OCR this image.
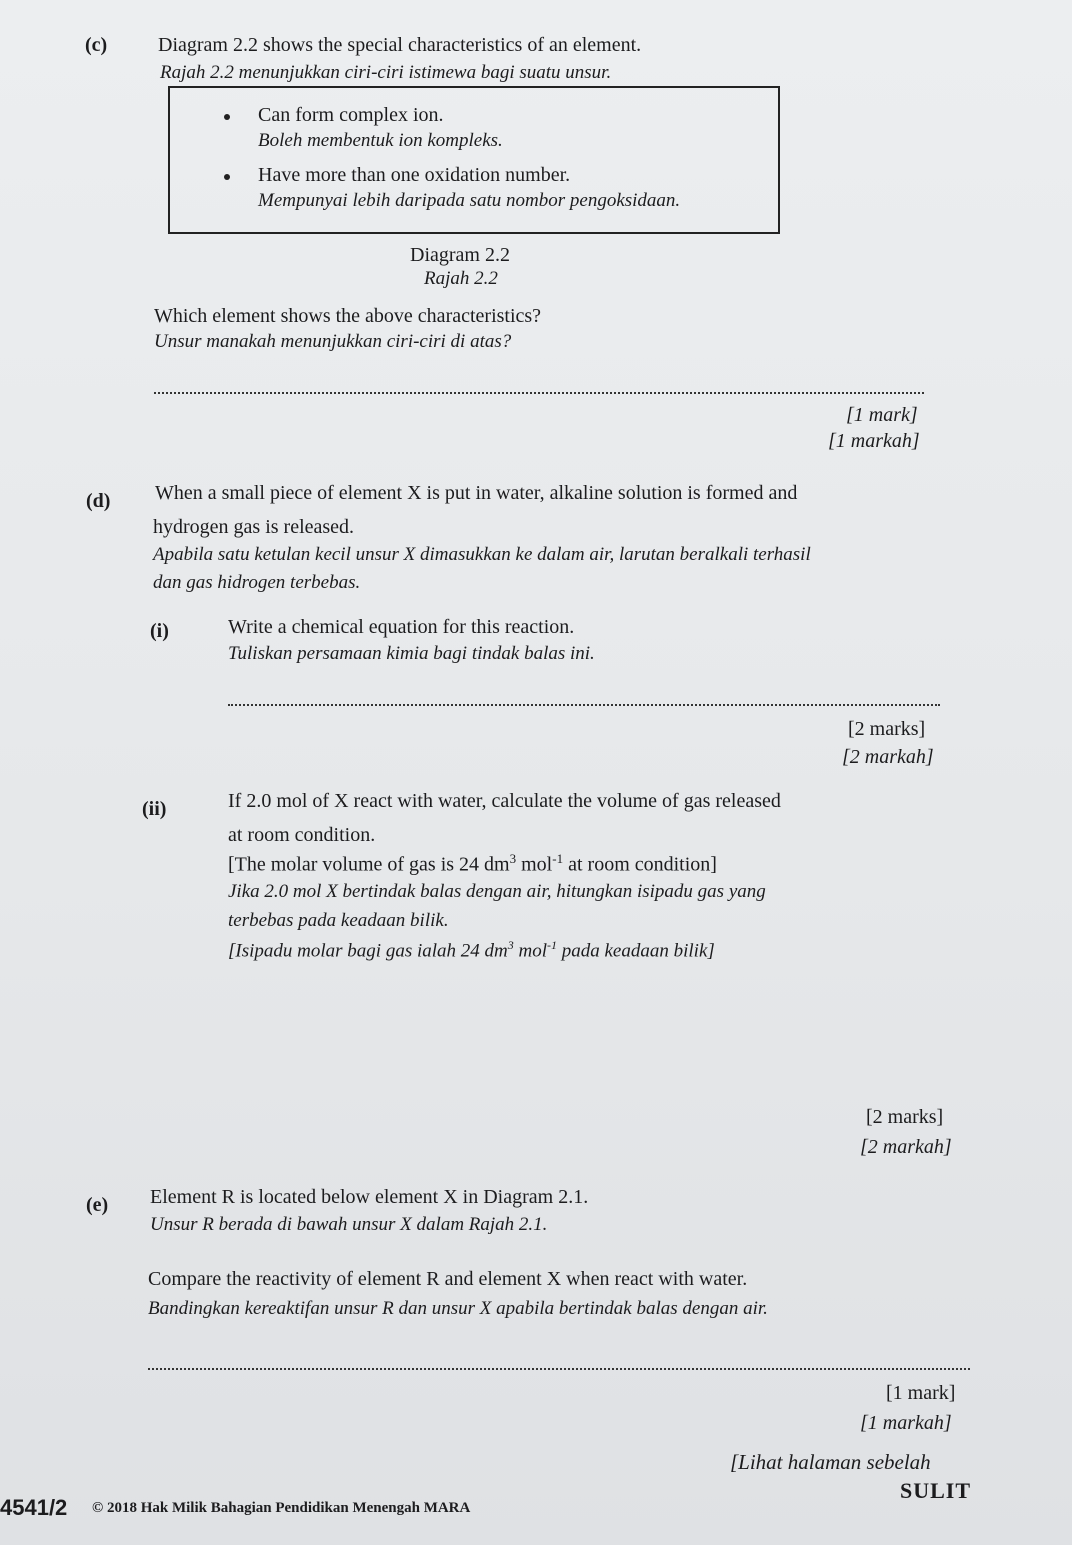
(c)	Diagram 2.2 shows the special characteristics of an element.
Rajah 2.2 menunjukkan ciri-ciri istimewa bagi suatu unsur.
Can form complex ion.
Boleh membentuk ion kompleks.
Have more than one oxidation number.
Mempunyai lebih daripada satu nombor pengoksidaan.
Diagram 2.2
Rajah 2.2
Which element shows the above characteristics?
Unsur manakah menunjukkan ciri-ciri di atas?
[1 mark]
[1 markah]
(d) When a small piece of element X is put in water, alkaline solution is formed and
hydrogen gas is released.
Apabila satu ketulan kecil unsur X dimasukkan ke dalam air, larutan beralkali terhasil
dan gas hidrogen terbebas.
(i)	Write a chemical equation for this reaction.
Tuliskan persamaan kimia bagi tindak balas ini.
[2 marks]
[2 markah]
(ii)	If 2.0 mol of X react with water, calculate the volume of gas released
at room condition.
[The molar volume of gas is 24 $dm^3$ mol$^{-1}$ at room condition]
Jika 2.0 mol X bertindak balas dengan air, hitungkan isipadu gas yang
terbebas pada keadaan bilik.
[Isipadu molar bagi gas ialah 24 $dm^3$ mol$^{-1}$ pada keadaan bilik]
[2 marks]
[2 markah]
(e) Element R is located below element X in Diagram 2.1.
Unsur R berada di bawah unsur X dalam Rajah 2.1.
Compare the reactivity of element R and element X when react with water.
Bandingkan kereaktifan unsur R dan unsur X apabila bertindak balas dengan air.
[1 mark]
[1 markah]
[Lihat halaman sebelah
4541/2 © 2018 Hak Milik Bahagian Pendidikan Menengah MARA
SULIT
